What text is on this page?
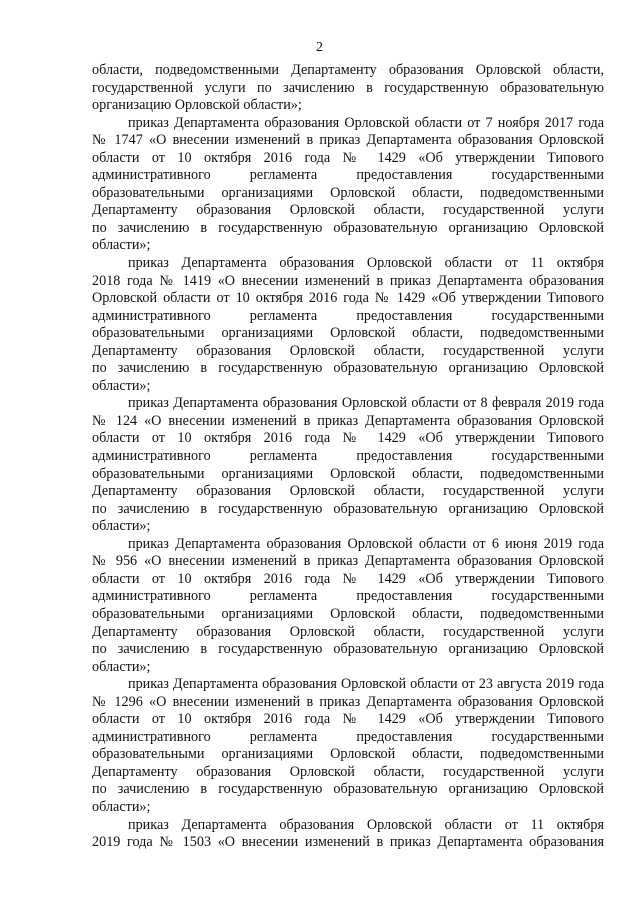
2
области, подведомственными Департаменту образования Орловской области,
государственной услуги по зачислению в государственную образовательную
организацию Орловской области»;
приказ Департамента образования Орловской области от 7 ноября 2017 года
№ 1747 «О внесении изменений в приказ Департамента образования Орловской
области от 10 октября 2016 года № 1429 «Об утверждении Типового
административного регламента предоставления государственными
образовательными организациями Орловской области, подведомственными
Департаменту образования Орловской области, государственной услуги
по зачислению в государственную образовательную организацию Орловской
области»;
приказ Департамента образования Орловской области от 11 октября
2018 года № 1419 «О внесении изменений в приказ Департамента образования
Орловской области от 10 октября 2016 года № 1429 «Об утверждении Типового
административного регламента предоставления государственными
образовательными организациями Орловской области, подведомственными
Департаменту образования Орловской области, государственной услуги
по зачислению в государственную образовательную организацию Орловской
области»;
приказ Департамента образования Орловской области от 8 февраля 2019 года
№ 124 «О внесении изменений в приказ Департамента образования Орловской
области от 10 октября 2016 года № 1429 «Об утверждении Типового
административного регламента предоставления государственными
образовательными организациями Орловской области, подведомственными
Департаменту образования Орловской области, государственной услуги
по зачислению в государственную образовательную организацию Орловской
области»;
приказ Департамента образования Орловской области от 6 июня 2019 года
№ 956 «О внесении изменений в приказ Департамента образования Орловской
области от 10 октября 2016 года № 1429 «Об утверждении Типового
административного регламента предоставления государственными
образовательными организациями Орловской области, подведомственными
Департаменту образования Орловской области, государственной услуги
по зачислению в государственную образовательную организацию Орловской
области»;
приказ Департамента образования Орловской области от 23 августа 2019 года
№ 1296 «О внесении изменений в приказ Департамента образования Орловской
области от 10 октября 2016 года № 1429 «Об утверждении Типового
административного регламента предоставления государственными
образовательными организациями Орловской области, подведомственными
Департаменту образования Орловской области, государственной услуги
по зачислению в государственную образовательную организацию Орловской
области»;
приказ Департамента образования Орловской области от 11 октября
2019 года № 1503 «О внесении изменений в приказ Департамента образования
